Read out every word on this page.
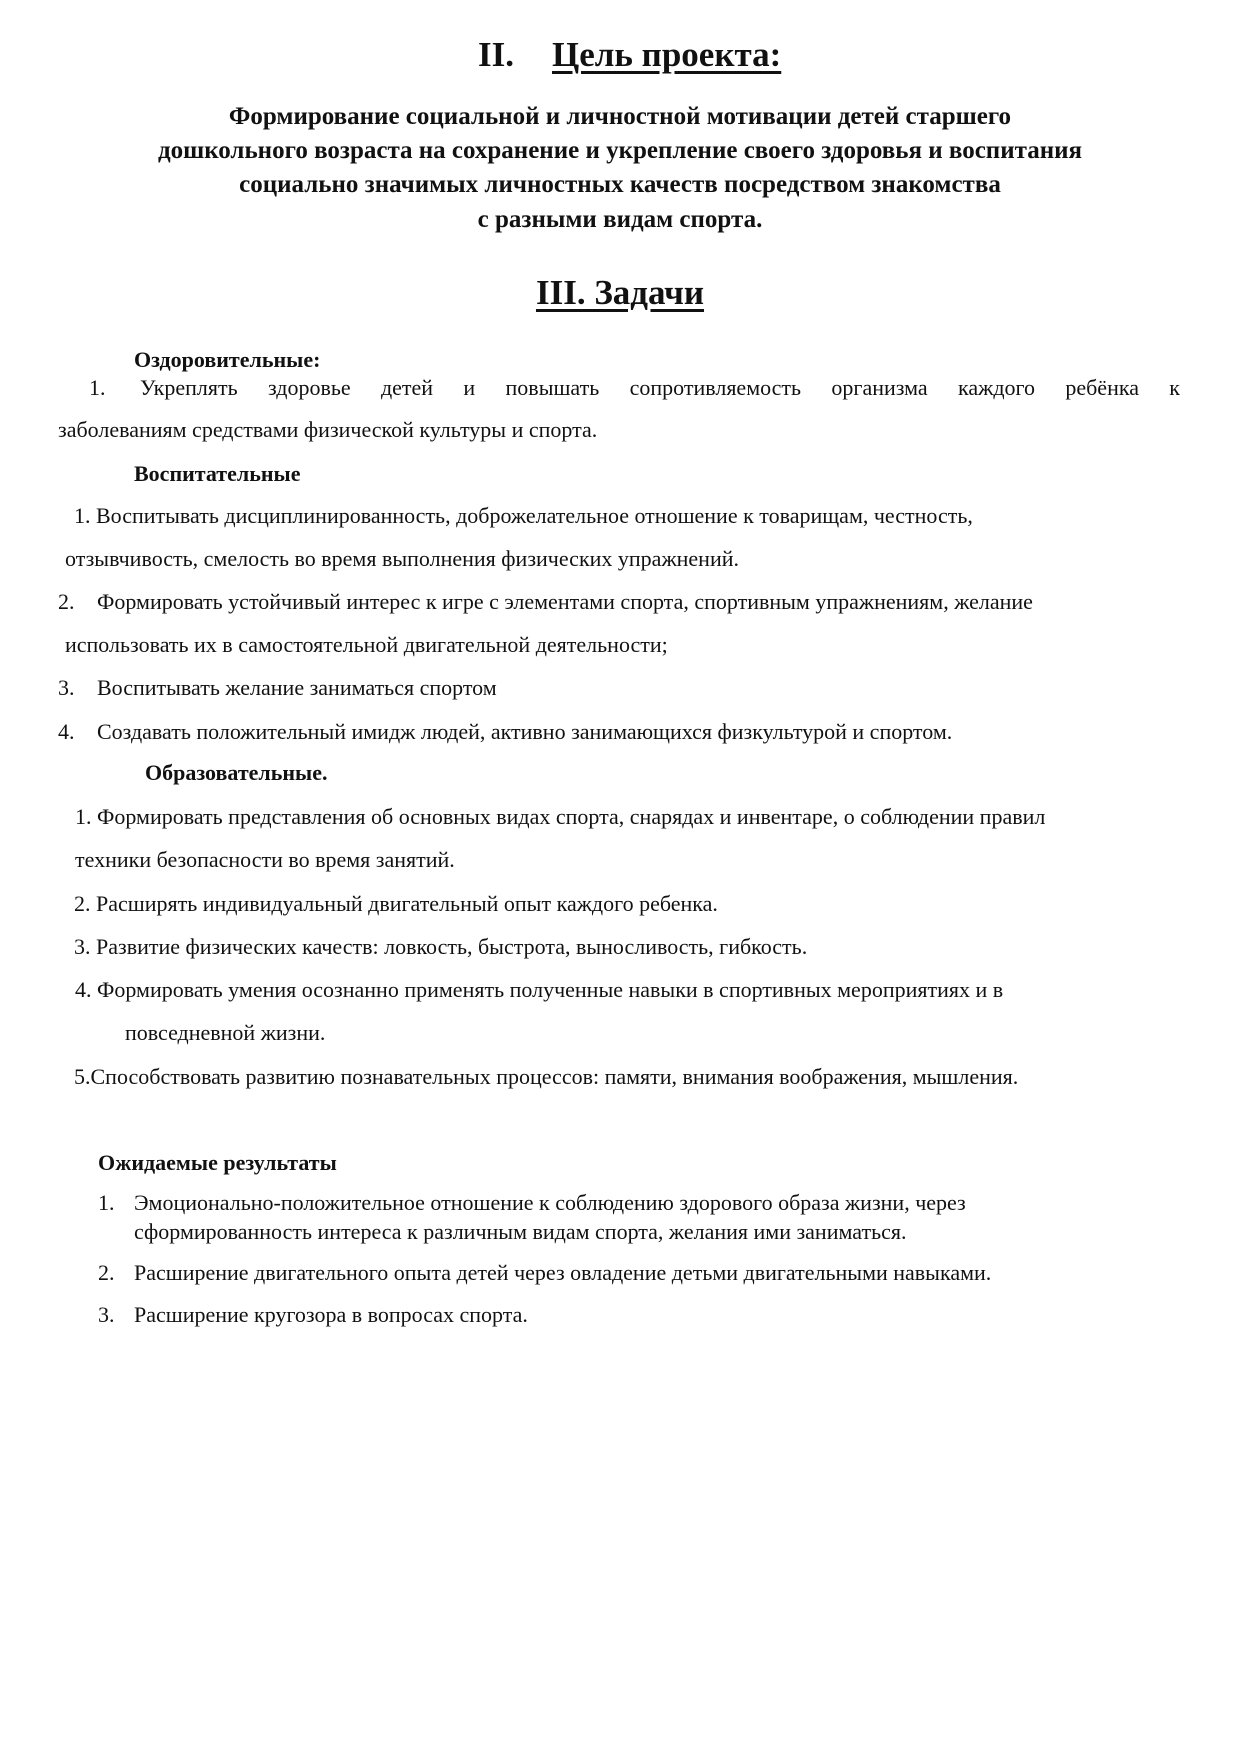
II. Цель проекта:
Формирование социальной и личностной мотивации детей старшего
дошкольного возраста на сохранение и укрепление своего здоровья и воспитания
социально значимых личностных качеств посредством знакомства
с разными видам спорта.
III. Задачи
Оздоровительные:
1. Укреплять здоровье детей и повышать сопротивляемость организма каждого ребёнка к
заболеваниям средствами физической культуры и спорта.
Воспитательные
1. Воспитывать дисциплинированность, доброжелательное отношение к товарищам, честность,
отзывчивость, смелость во время выполнения физических упражнений.
2. Формировать устойчивый интерес к игре с элементами спорта, спортивным упражнениям, желание
использовать их в самостоятельной двигательной деятельности;
3. Воспитывать желание заниматься спортом
4. Создавать положительный имидж людей, активно занимающихся физкультурой и спортом.
Образовательные.
1. Формировать представления об основных видах спорта, снарядах и инвентаре, о соблюдении правил
техники безопасности во время занятий.
2. Расширять индивидуальный двигательный опыт каждого ребенка.
3. Развитие физических качеств: ловкость, быстрота, выносливость, гибкость.
4. Формировать умения осознанно применять полученные навыки в спортивных мероприятиях и в
повседневной жизни.
5.Способствовать развитию познавательных процессов: памяти, внимания воображения, мышления.
Ожидаемые результаты
1. Эмоционально-положительное отношение к соблюдению здорового образа жизни, через
сформированность интереса к различным видам спорта, желания ими заниматься.
2. Расширение двигательного опыта детей через овладение детьми двигательными навыками.
3. Расширение кругозора в вопросах спорта.
